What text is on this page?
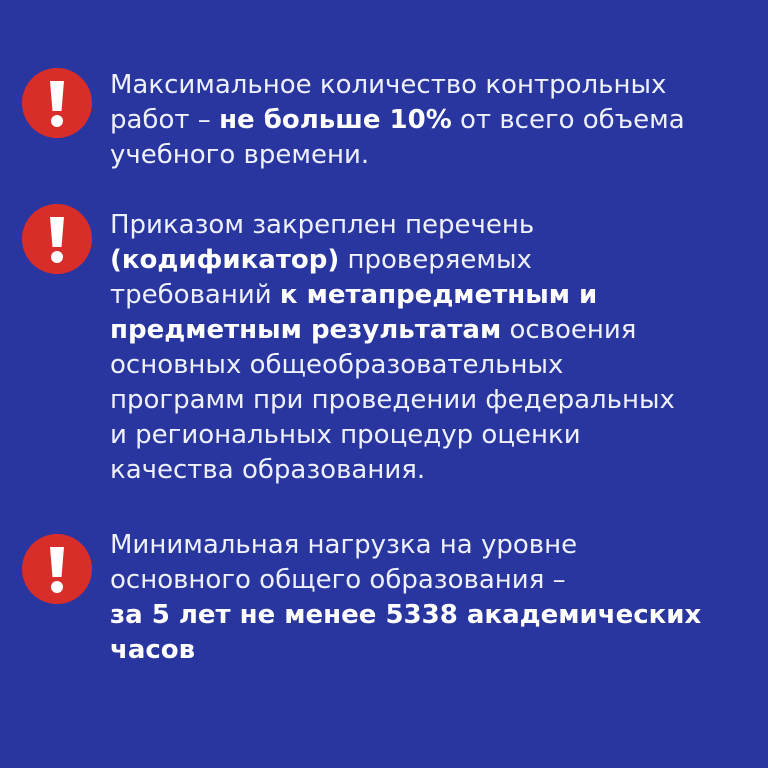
Максимальное количество контрольных
работ – не больше 10% от всего объема
учебного времени.
Приказом закреплен перечень
(кодификатор) проверяемых
требований к метапредметным и
предметным результатам освоения
основных общеобразовательных
программ при проведении федеральных
и региональных процедур оценки
качества образования.
Минимальная нагрузка на уровне
основного общего образования –
за 5 лет не менее 5338 академических
часов
